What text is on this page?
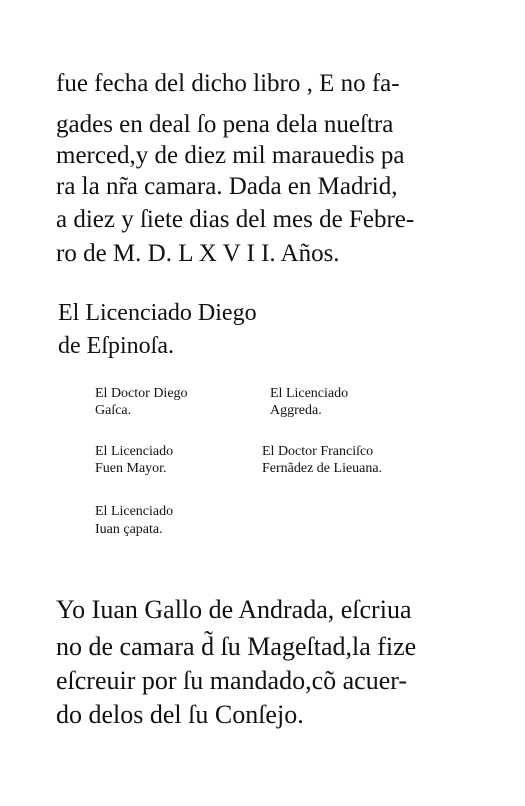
fue fecha del dicho libro , E no fa-
gades en deal ſo pena dela nueſtra
merced,y de diez mil marauedis pa
ra la nr̃a camara. Dada en Madrid,
a diez y ſiete dias del mes de Febre-
ro de M. D. L X V I I. Años.
El Licenciado Diego
de Eſpinoſa.
El Doctor Diego
Gaſca.
El Licenciado
Aggreda.
El Licenciado
Fuen Mayor.
El Doctor Franciſco
Fernãdez de Lieuana.
El Licenciado
Iuan çapata.
Yo Iuan Gallo de Andrada, eſcriua
no de camara d̃ ſu Mageſtad,la fize
eſcreuir por ſu mandado,cõ acuer-
do delos del ſu Conſejo.
